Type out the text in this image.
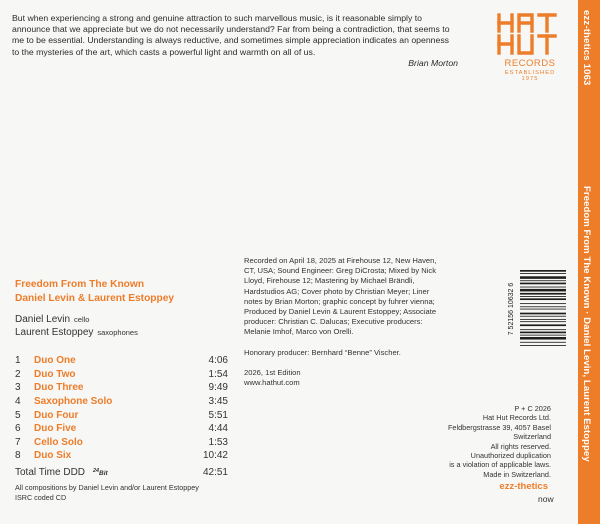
But when experiencing a strong and genuine attraction to such marvellous music, is it reasonable simply to announce that we appreciate but we do not necessarily understand? Far from being a contradiction, that seems to me to be essential. Understanding is always reductive, and sometimes simple appreciation indicates an openness to the mysteries of the art, which casts a powerful light and warmth on all of us.

Brian Morton	RECORDS
ESTABLISHED 1975
Freedom From The Known
Daniel Levin & Laurent Estoppey
Daniel Levin cello
Laurent Estoppey saxophones
1	Duo One	4:06
2	Duo Two	1:54
3	Duo Three	9:49
4	Saxophone Solo	3:45
5	Duo Four	5:51
6	Duo Five	4:44
7	Cello Solo	1:53
8	Duo Six	10:42
Total Time DDD $^{24}$Bit	42:51
All compositions by Daniel Levin and/or Laurent Estoppey
ISRC coded CD

Recorded on April 18, 2025 at Firehouse 12, New Haven, CT, USA; Sound Engineer: Greg DiCrosta; Mixed by Nick Lloyd, Firehouse 12; Mastering by Michael Brändli, Hardstudios AG; Cover photo by Christian Meyer; Liner notes by Brian Morton; graphic concept by fuhrer vienna; Produced by Daniel Levin & Laurent Estoppey; Associate producer: Christian C. Dalucas; Executive producers: Melanie Imhof, Marco von Orelli.

Honorary producer: Bernhard “Benne” Vischer.

2026, 1st Edition
www.hathut.com
7 52156 10632 6
P + C 2026
Hat Hut Records Ltd.
Feldbergstrasse 39, 4057 Basel
Switzerland
All rights reserved.
Unauthorized duplication
is a violation of applicable laws.
Made in Switzerland.
ezz-thetics
now
ezz-thetics 1063
Freedom From The Known · Daniel Levin, Laurent Estoppey
